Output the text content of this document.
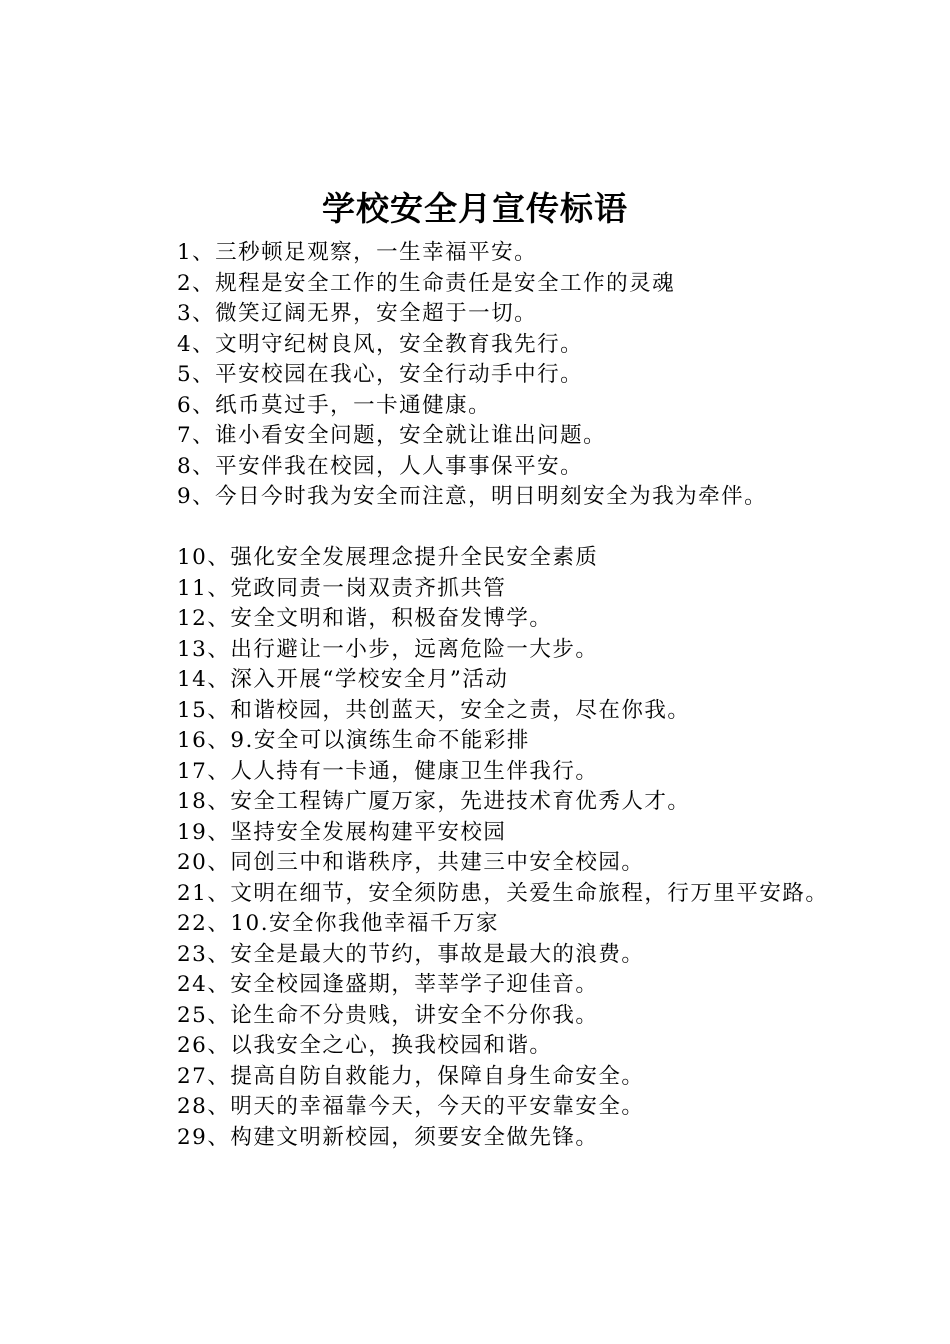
学校安全月宣传标语
1、三秒顿足观察，一生幸福平安。
2、规程是安全工作的生命责任是安全工作的灵魂
3、微笑辽阔无界，安全超于一切。
4、文明守纪树良风，安全教育我先行。
5、平安校园在我心，安全行动手中行。
6、纸币莫过手，一卡通健康。
7、谁小看安全问题，安全就让谁出问题。
8、平安伴我在校园，人人事事保平安。
9、今日今时我为安全而注意，明日明刻安全为我为牵伴。
10、强化安全发展理念提升全民安全素质
11、党政同责一岗双责齐抓共管
12、安全文明和谐，积极奋发博学。
13、出行避让一小步，远离危险一大步。
14、深入开展“学校安全月”活动
15、和谐校园，共创蓝天，安全之责，尽在你我。
16、9.安全可以演练生命不能彩排
17、人人持有一卡通，健康卫生伴我行。
18、安全工程铸广厦万家，先进技术育优秀人才。
19、坚持安全发展构建平安校园
20、同创三中和谐秩序，共建三中安全校园。
21、文明在细节，安全须防患，关爱生命旅程，行万里平安路。
22、10.安全你我他幸福千万家
23、安全是最大的节约，事故是最大的浪费。
24、安全校园逢盛期，莘莘学子迎佳音。
25、论生命不分贵贱，讲安全不分你我。
26、以我安全之心，换我校园和谐。
27、提高自防自救能力，保障自身生命安全。
28、明天的幸福靠今天，今天的平安靠安全。
29、构建文明新校园，须要安全做先锋。
